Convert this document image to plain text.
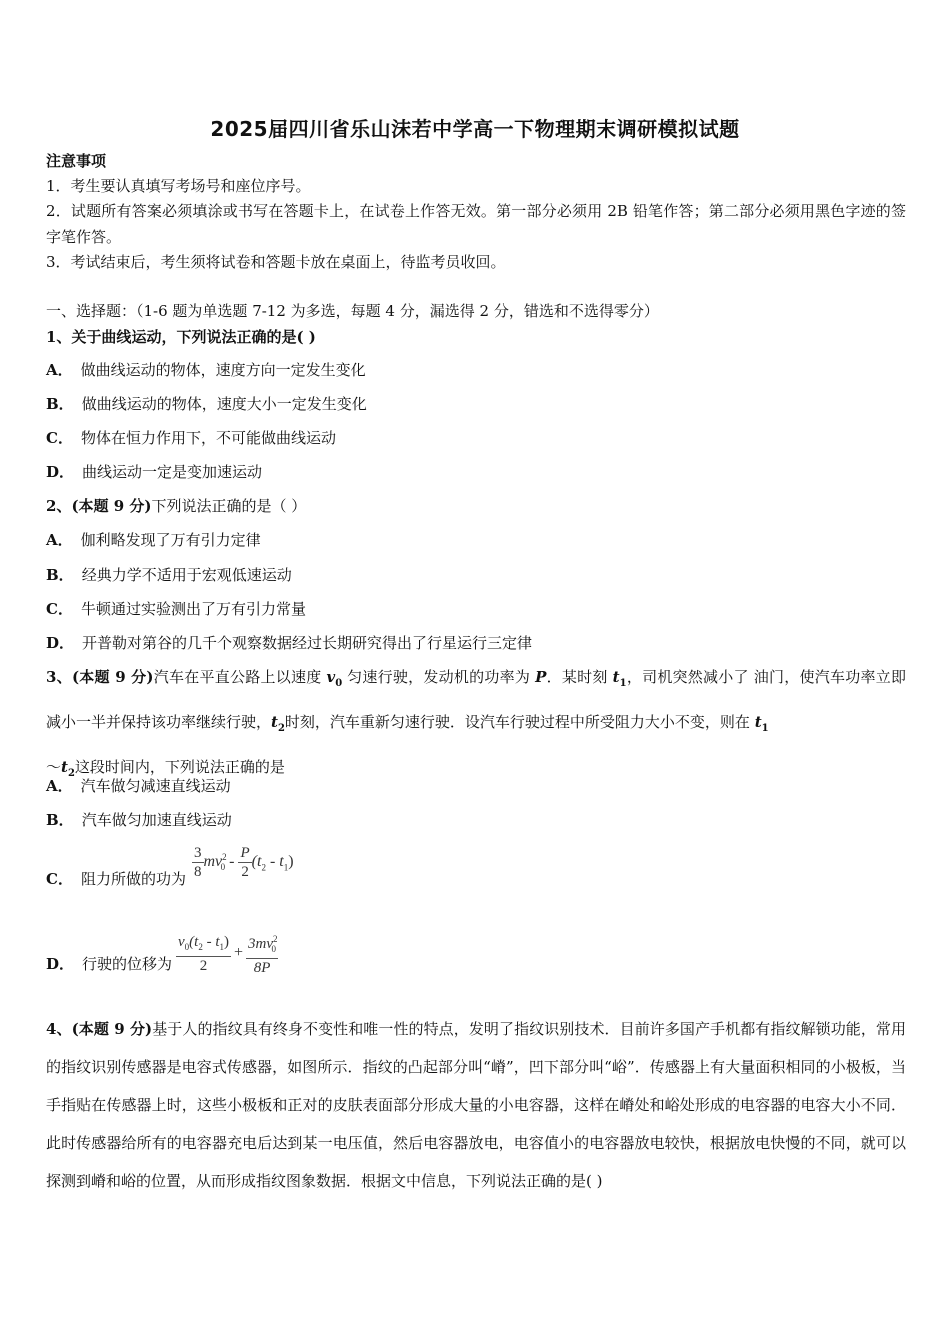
2025届四川省乐山沫若中学高一下物理期末调研模拟试题
注意事项
1．考生要认真填写考场号和座位序号。
2．试题所有答案必须填涂或书写在答题卡上，在试卷上作答无效。第一部分必须用 2B 铅笔作答；第二部分必须用黑色字迹的签字笔作答。
3．考试结束后，考生须将试卷和答题卡放在桌面上，待监考员收回。
一、选择题：（1-6 题为单选题 7-12 为多选，每题 4 分，漏选得 2 分，错选和不选得零分）
1、关于曲线运动，下列说法正确的是( )
A． 做曲线运动的物体，速度方向一定发生变化
B． 做曲线运动的物体，速度大小一定发生变化
C． 物体在恒力作用下，不可能做曲线运动
D． 曲线运动一定是变加速运动
2、(本题 9 分)下列说法正确的是（ ）
A． 伽利略发现了万有引力定律
B． 经典力学不适用于宏观低速运动
C． 牛顿通过实验测出了万有引力常量
D． 开普勒对第谷的几千个观察数据经过长期研究得出了行星运行三定律
3、(本题 9 分)汽车在平直公路上以速度 $v_0$ 匀速行驶，发动机的功率为 P．某时刻 $t_1$，司机突然减小了 油门，使汽车功率立即减小一半并保持该功率继续行驶，$t_2$时刻，汽车重新匀速行驶．设汽车行驶过程中所受阻力大小不变，则在 $t_1$
$\sim t_2$这段时间内，下列说法正确的是
A． 汽车做匀减速直线运动
B． 汽车做匀加速直线运动
C． 阻力所做的功为 $\frac{3}{8} mv^2_0 - \frac{P}{2} (t_2 - t_1)$
D． 行驶的位移为 $\frac{v_0(t_2 - t_1)}{2} + \frac{3mv^2_0}{8P}$
4、(本题 9 分)基于人的指纹具有终身不变性和唯一性的特点，发明了指纹识别技术．目前许多国产手机都有指纹解锁功能，常用的指纹识别传感器是电容式传感器，如图所示．指纹的凸起部分叫“嵴”，凹下部分叫“峪”．传感器上有大量面积相同的小极板，当手指贴在传感器上时，这些小极板和正对的皮肤表面部分形成大量的小电容器，这样在嵴处和峪处形成的电容器的电容大小不同．此时传感器给所有的电容器充电后达到某一电压值，然后电容器放电，电容值小的电容器放电较快，根据放电快慢的不同，就可以探测到嵴和峪的位置，从而形成指纹图象数据．根据文中信息，下列说法正确的是( )
